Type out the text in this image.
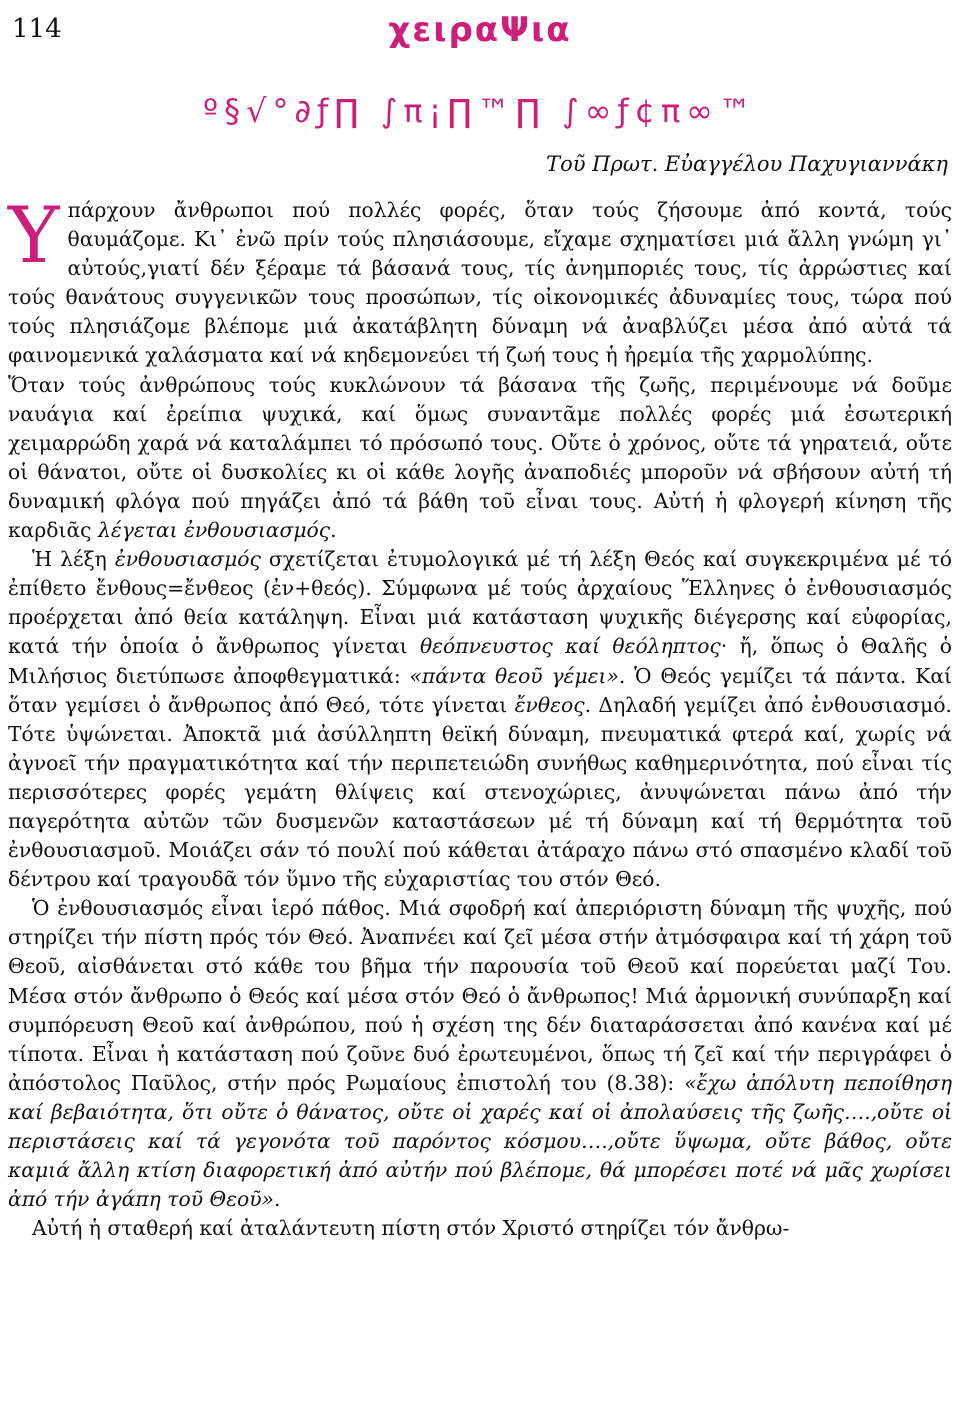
114	χειραΨια
º§√°∂ƒ∏ ∫π¡∏™∏ ∫∞ƒ¢π∞™
Τοῦ Πρωτ. Εὐαγγέλου Παχυγιαννάκη

Υπάρχουν ἄνθρωποι πού πολλές φορές, ὅταν τούς ζήσουμε ἀπό κοντά, τούς θαυμάζομε. Κι᾽ ἐνῶ πρίν τούς πλησιάσουμε, εἴχαμε σχηματίσει μιά ἄλλη γνώμη γι᾽ αὐτούς,γιατί δέν ξέραμε τά βάσανά τους, τίς ἀνημποριές τους, τίς ἀρρώστιες καί τούς θανάτους συγγενικῶν τους προσώπων, τίς οἰκονομικές ἀδυναμίες τους, τώρα πού τούς πλησιάζομε βλέπομε μιά ἀκατάβλητη δύναμη νά ἀναβλύζει μέσα ἀπό αὐτά τά φαινομενικά χαλάσματα καί νά κηδεμονεύει τή ζωή τους ἡ ἠρεμία τῆς χαρμολύπης.

Ὅταν τούς ἀνθρώπους τούς κυκλώνουν τά βάσανα τῆς ζωῆς, περιμένουμε νά δοῦμε ναυάγια καί ἐρείπια ψυχικά, καί ὅμως συναντᾶμε πολλές φορές μιά ἐσωτερική χειμαρρώδη χαρά νά καταλάμπει τό πρόσωπό τους. Οὔτε ὁ χρόνος, οὔτε τά γηρατειά, οὔτε οἱ θάνατοι, οὔτε οἱ δυσκολίες κι οἱ κάθε λογῆς ἀναποδιές μποροῦν νά σβήσουν αὐτή τή δυναμική φλόγα πού πηγάζει ἀπό τά βάθη τοῦ εἶναι τους. Αὐτή ἡ φλογερή κίνηση τῆς καρδιᾶς λέγεται ἐνθουσιασμός.

Ἡ λέξη ἐνθουσιασμός σχετίζεται ἐτυμολογικά μέ τή λέξη Θεός καί συγκεκριμένα μέ τό ἐπίθετο ἔνθους=ἔνθεος (ἐν+θεός). Σύμφωνα μέ τούς ἀρχαίους Ἕλληνες ὁ ἐνθουσιασμός προέρχεται ἀπό θεία κατάληψη. Εἶναι μιά κατάσταση ψυχικῆς διέγερσης καί εὐφορίας, κατά τήν ὁποία ὁ ἄνθρωπος γίνεται θεόπνευστος καί θεόληπτος· ἤ, ὅπως ὁ Θαλῆς ὁ Μιλήσιος διετύπωσε ἀποφθεγματικά: «πάντα θεοῦ γέμει». Ὁ Θεός γεμίζει τά πάντα. Καί ὅταν γεμίσει ὁ ἄνθρωπος ἀπό Θεό, τότε γίνεται ἔνθεος. Δηλαδή γεμίζει ἀπό ἐνθουσιασμό. Τότε ὑψώνεται. Ἀποκτᾶ μιά ἀσύλληπτη θεϊκή δύναμη, πνευματικά φτερά καί, χωρίς νά ἀγνοεῖ τήν πραγματικότητα καί τήν περιπετειώδη συνήθως καθημερινότητα, πού εἶναι τίς περισσότερες φορές γεμάτη θλίψεις καί στενοχώριες, ἀνυψώνεται πάνω ἀπό τήν παγερότητα αὐτῶν τῶν δυσμενῶν καταστάσεων μέ τή δύναμη καί τή θερμότητα τοῦ ἐνθουσιασμοῦ. Μοιάζει σάν τό πουλί πού κάθεται ἀτάραχο πάνω στό σπασμένο κλαδί τοῦ δέντρου καί τραγουδᾶ τόν ὕμνο τῆς εὐχαριστίας του στόν Θεό.

Ὁ ἐνθουσιασμός εἶναι ἱερό πάθος. Μιά σφοδρή καί ἀπεριόριστη δύναμη τῆς ψυχῆς, πού στηρίζει τήν πίστη πρός τόν Θεό. Ἀναπνέει καί ζεῖ μέσα στήν ἀτμόσφαιρα καί τή χάρη τοῦ Θεοῦ, αἰσθάνεται στό κάθε του βῆμα τήν παρουσία τοῦ Θεοῦ καί πορεύεται μαζί Του. Μέσα στόν ἄνθρωπο ὁ Θεός καί μέσα στόν Θεό ὁ ἄνθρωπος! Μιά ἁρμονική συνύπαρξη καί συμπόρευση Θεοῦ καί ἀνθρώπου, πού ἡ σχέση της δέν διαταράσσεται ἀπό κανένα καί μέ τίποτα. Εἶναι ἡ κατάσταση πού ζοῦνε δυό ἐρωτευμένοι, ὅπως τή ζεῖ καί τήν περιγράφει ὁ ἀπόστολος Παῦλος, στήν πρός Ρωμαίους ἐπιστολή του (8.38): «ἔχω ἀπόλυτη πεποίθηση καί βεβαιότητα, ὅτι οὔτε ὁ θάνατος, οὔτε οἱ χαρές καί οἱ ἀπολαύσεις τῆς ζωῆς….,οὔτε οἱ περιστάσεις καί τά γεγονότα τοῦ παρόντος κόσμου….,οὔτε ὕψωμα, οὔτε βάθος, οὔτε καμιά ἄλλη κτίση διαφορετική ἀπό αὐτήν πού βλέπομε, θά μπορέσει ποτέ νά μᾶς χωρίσει ἀπό τήν ἀγάπη τοῦ Θεοῦ».

Αὐτή ἡ σταθερή καί ἀταλάντευτη πίστη στόν Χριστό στηρίζει τόν ἄνθρω-
